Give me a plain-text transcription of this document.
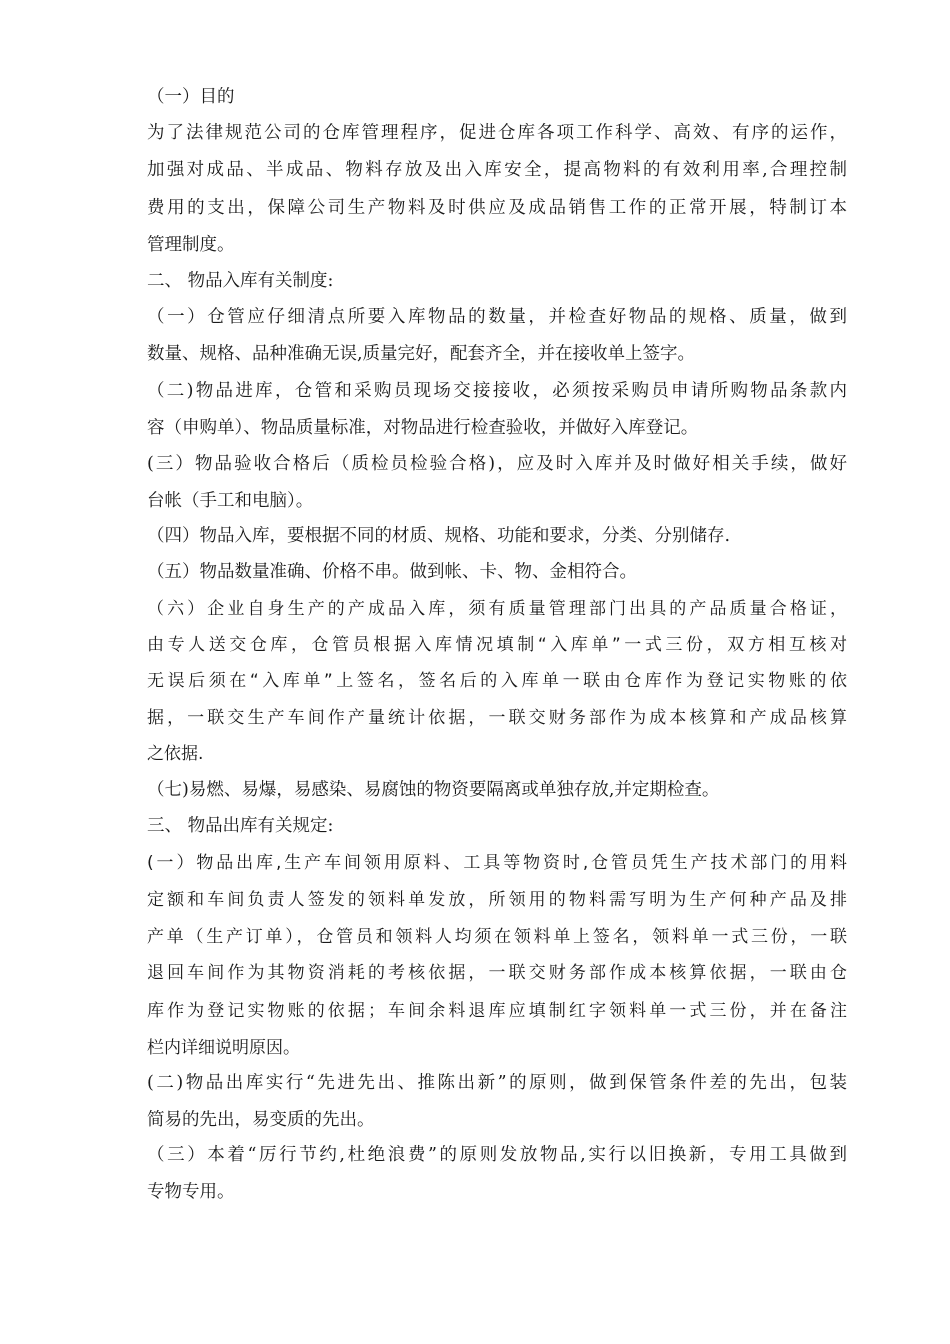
（一）目的
为了法律规范公司的仓库管理程序，促进仓库各项工作科学、高效、有序的运作，
加强对成品、半成品、物料存放及出入库安全，提高物料的有效利用率,合理控制
费用的支出，保障公司生产物料及时供应及成品销售工作的正常开展，特制订本
管理制度。
二、 物品入库有关制度:
（一）仓管应仔细清点所要入库物品的数量，并检查好物品的规格、质量，做到
数量、规格、品种准确无误,质量完好，配套齐全，并在接收单上签字。
（二)物品进库，仓管和采购员现场交接接收，必须按采购员申请所购物品条款内
容（申购单）、物品质量标准，对物品进行检查验收，并做好入库登记。
(三）物品验收合格后（质检员检验合格)，应及时入库并及时做好相关手续，做好
台帐（手工和电脑）。
（四）物品入库，要根据不同的材质、规格、功能和要求，分类、分别储存.
（五）物品数量准确、价格不串。做到帐、卡、物、金相符合。
（六）企业自身生产的产成品入库，须有质量管理部门出具的产品质量合格证，
由专人送交仓库，仓管员根据入库情况填制“入库单”一式三份，双方相互核对
无误后须在“入库单”上签名，签名后的入库单一联由仓库作为登记实物账的依
据，一联交生产车间作产量统计依据，一联交财务部作为成本核算和产成品核算
之依据.
（七)易燃、易爆，易感染、易腐蚀的物资要隔离或单独存放,并定期检查。
三、 物品出库有关规定:
(一）物品出库,生产车间领用原料、工具等物资时,仓管员凭生产技术部门的用料
定额和车间负责人签发的领料单发放，所领用的物料需写明为生产何种产品及排
产单（生产订单），仓管员和领料人均须在领料单上签名，领料单一式三份，一联
退回车间作为其物资消耗的考核依据，一联交财务部作成本核算依据，一联由仓
库作为登记实物账的依据；车间余料退库应填制红字领料单一式三份，并在备注
栏内详细说明原因。
(二)物品出库实行“先进先出、推陈出新”的原则，做到保管条件差的先出，包装
简易的先出，易变质的先出。
（三）本着“厉行节约,杜绝浪费”的原则发放物品,实行以旧换新，专用工具做到
专物专用。
